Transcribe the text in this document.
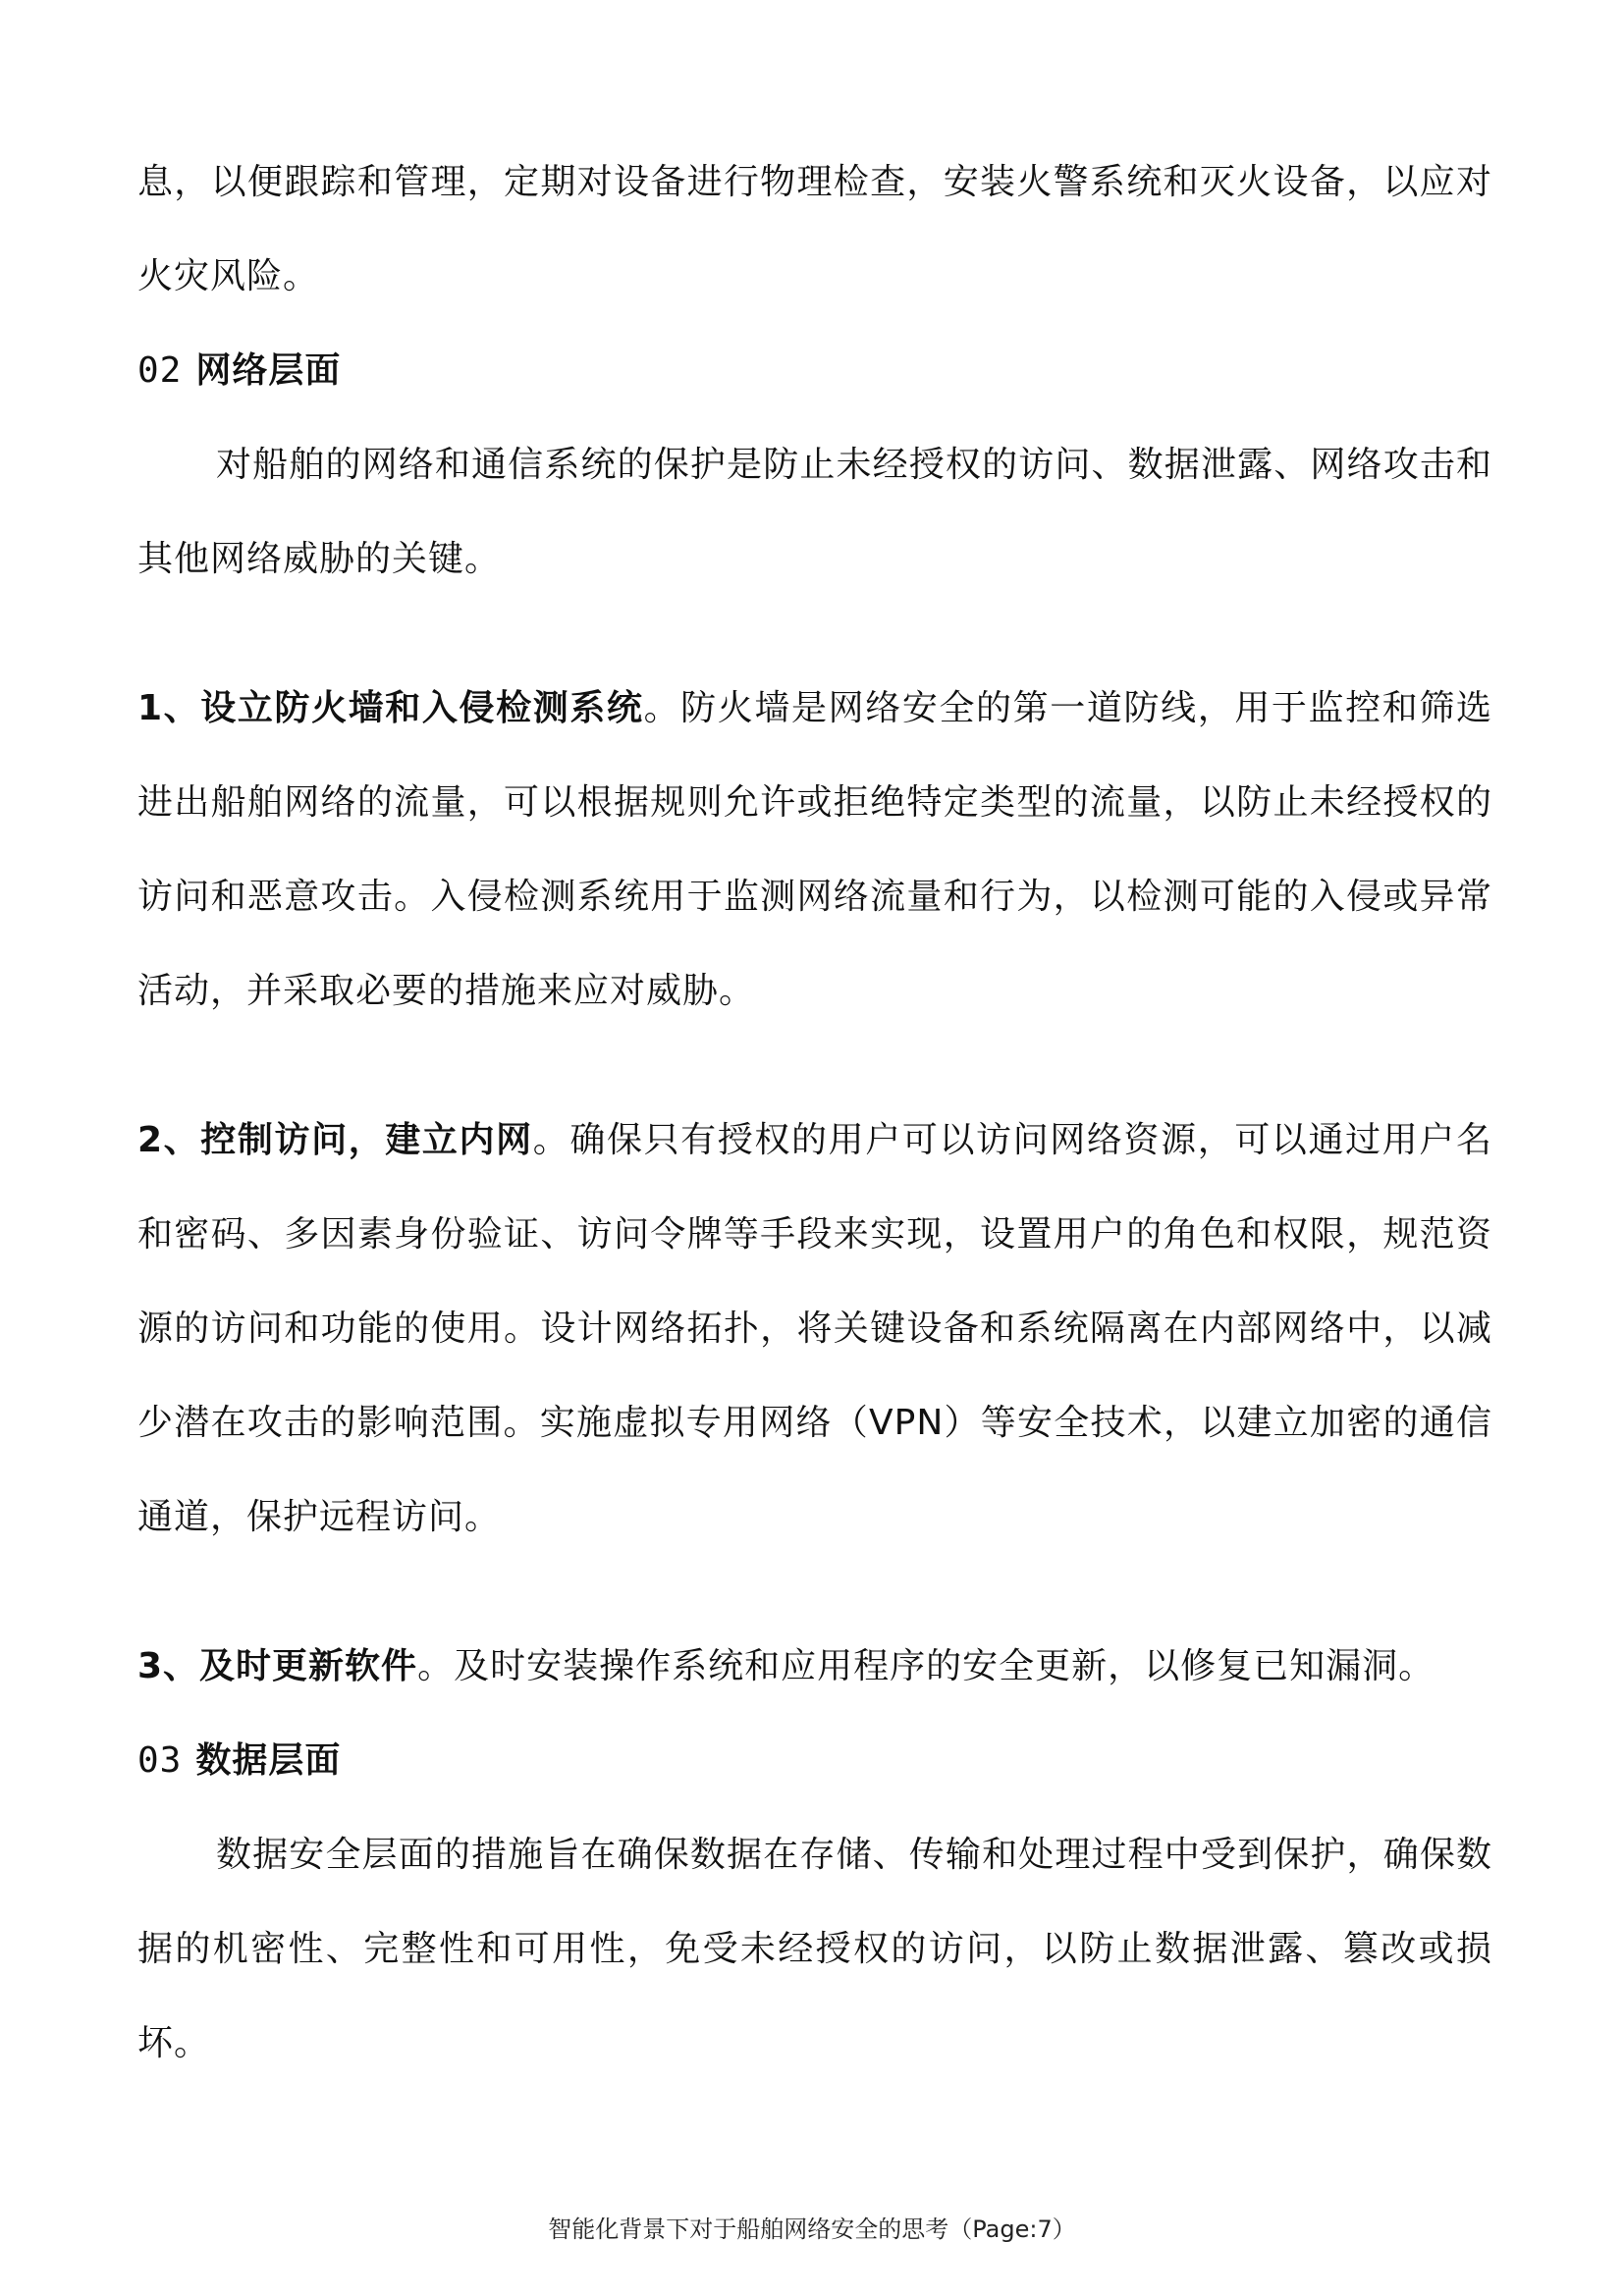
息，以便跟踪和管理，定期对设备进行物理检查，安装火警系统和灭火设备，以应对火灾风险。

02 网络层面

对船舶的网络和通信系统的保护是防止未经授权的访问、数据泄露、网络攻击和其他网络威胁的关键。

1、设立防火墙和入侵检测系统。防火墙是网络安全的第一道防线，用于监控和筛选进出船舶网络的流量，可以根据规则允许或拒绝特定类型的流量，以防止未经授权的访问和恶意攻击。入侵检测系统用于监测网络流量和行为，以检测可能的入侵或异常活动，并采取必要的措施来应对威胁。

2、控制访问，建立内网。确保只有授权的用户可以访问网络资源，可以通过用户名和密码、多因素身份验证、访问令牌等手段来实现，设置用户的角色和权限，规范资源的访问和功能的使用。设计网络拓扑，将关键设备和系统隔离在内部网络中，以减少潜在攻击的影响范围。实施虚拟专用网络（VPN）等安全技术，以建立加密的通信通道，保护远程访问。

3、及时更新软件。及时安装操作系统和应用程序的安全更新，以修复已知漏洞。

03 数据层面

数据安全层面的措施旨在确保数据在存储、传输和处理过程中受到保护，确保数据的机密性、完整性和可用性，免受未经授权的访问，以防止数据泄露、篡改或损坏。

智能化背景下对于船舶网络安全的思考（Page:7）
